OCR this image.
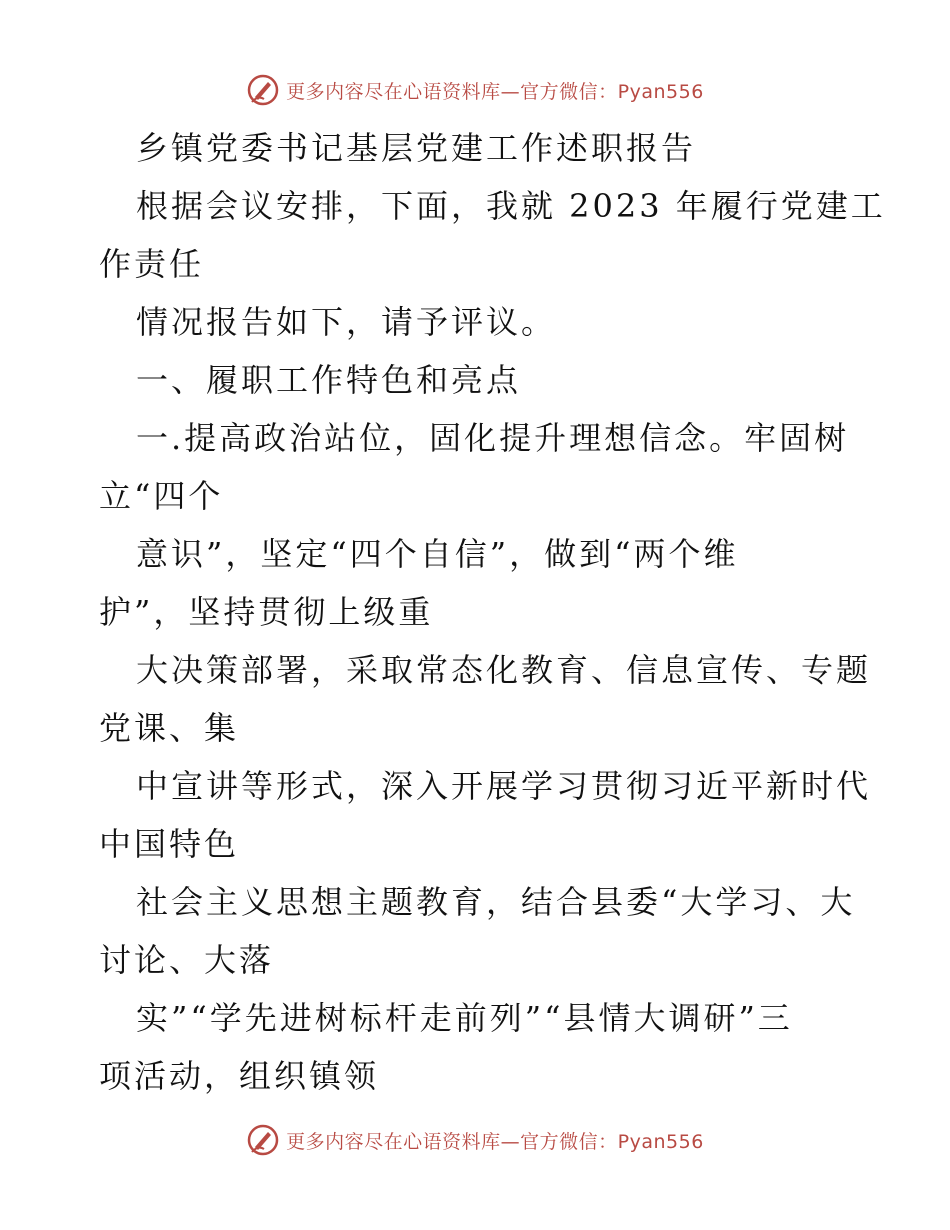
更多内容尽在心语资料库—官方微信：Pyan556
乡镇党委书记基层党建工作述职报告
根据会议安排，下面，我就 2023 年履行党建工
作责任
情况报告如下，请予评议。
一、履职工作特色和亮点
一.提高政治站位，固化提升理想信念。牢固树
立“四个
意识”，坚定“四个自信”，做到“两个维
护”，坚持贯彻上级重
大决策部署，采取常态化教育、信息宣传、专题
党课、集
中宣讲等形式，深入开展学习贯彻习近平新时代
中国特色
社会主义思想主题教育，结合县委“大学习、大
讨论、大落
实”“学先进树标杆走前列”“县情大调研”三
项活动，组织镇领
更多内容尽在心语资料库—官方微信：Pyan556
